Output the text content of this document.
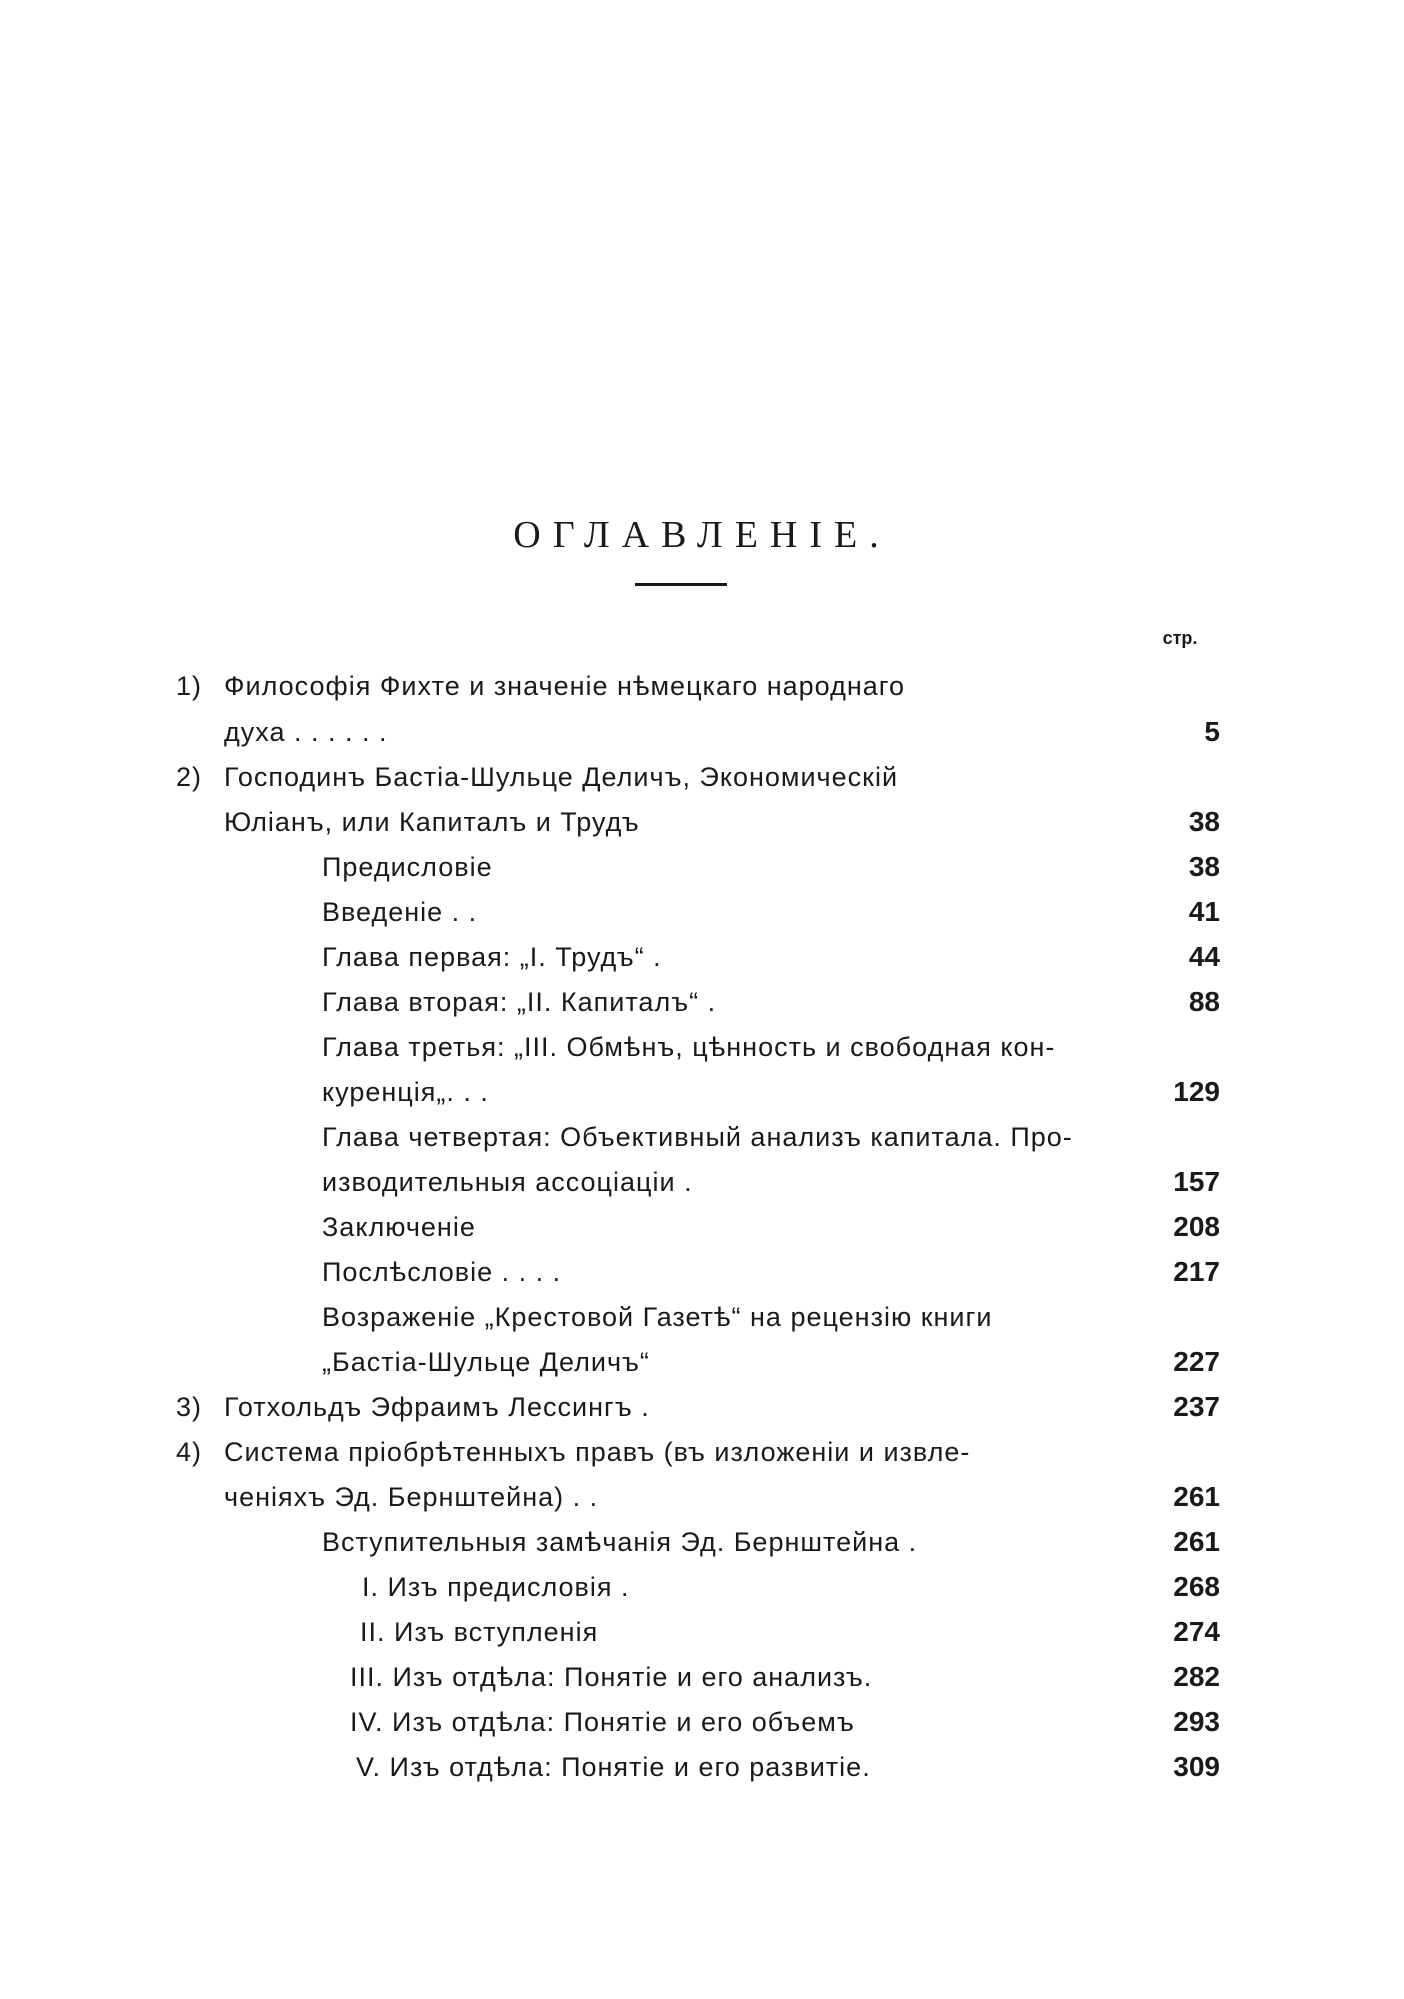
ОГЛАВЛЕНІЕ.
стр.
1) Философія Фихте и значеніе нѣмецкаго народнаго
духа . . . . . .	5
2) Господинъ Бастіа-Шульце Деличъ, Экономическій
Юліанъ, или Капиталъ и Трудъ	38
Предисловіе	38
Введеніе . .	41
Глава первая: „I. Трудъ“ .	44
Глава вторая: „II. Капиталъ“ .	88
Глава третья: „III. Обмѣнъ, цѣнность и свободная кон-
куренція„. . .	129
Глава четвертая: Объективный анализъ капитала. Про-
изводительныя ассоціаціи .	157
Заключеніе	208
Послѣсловіе . . . .	217
Возраженіе „Крестовой Газетѣ“ на рецензію книги
„Бастіа-Шульце Деличъ“	227
3) Готхольдъ Эфраимъ Лессингъ .	237
4) Система пріобрѣтенныхъ правъ (въ изложеніи и извле-
ченіяхъ Эд. Бернштейна) . .	261
Вступительныя замѣчанія Эд. Бернштейна .	261
I. Изъ предисловія .	268
II. Изъ вступленія	274
III. Изъ отдѣла: Понятіе и его анализъ.	282
IV. Изъ отдѣла: Понятіе и его объемъ	293
V. Изъ отдѣла: Понятіе и его развитіе.	309
